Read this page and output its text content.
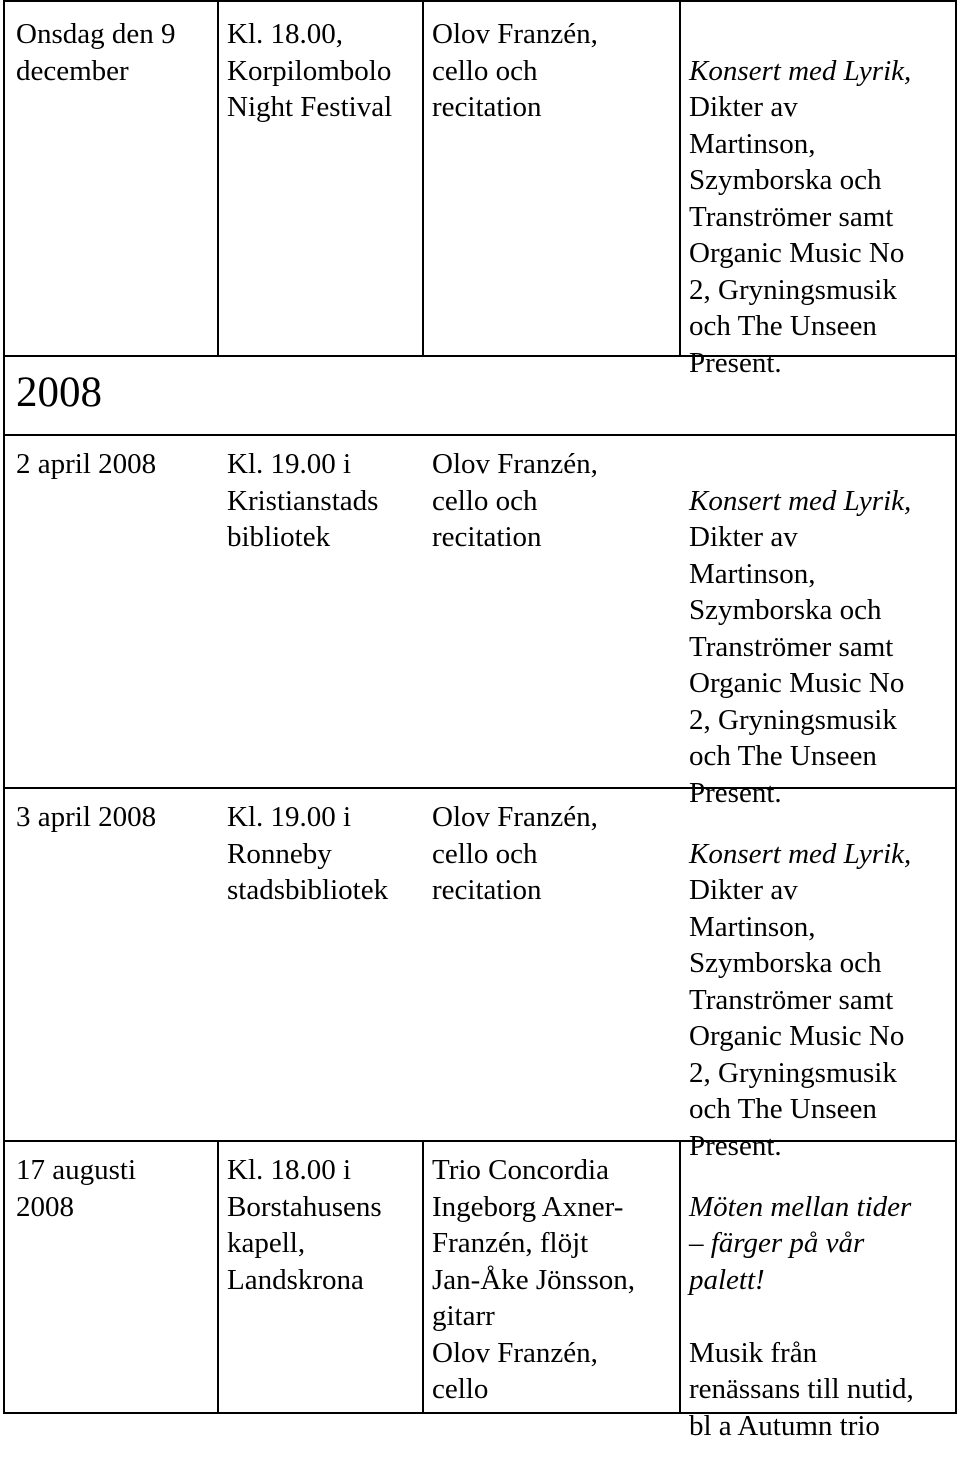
Onsdag den 9
december

Kl. 18.00,
Korpilombolo
Night Festival

Olov Franzén,
cello och
recitation

Konsert med Lyrik,

Dikter av
Martinson,
Szymborska och
Tranströmer samt
Organic Music No
2, Gryningsmusik
och The Unseen
Present.

2008

2 april 2008	Kl. 19.00 i
Kristianstads
bibliotek

Olov Franzén,
cello och
recitation

Konsert med Lyrik,

Dikter av
Martinson,
Szymborska och
Tranströmer samt
Organic Music No
2, Gryningsmusik
och The Unseen
Present.

3 april 2008	Kl. 19.00 i
Ronneby
stadsbibliotek

Olov Franzén,
cello och
recitation

Konsert med Lyrik,

Dikter av
Martinson,
Szymborska och
Tranströmer samt
Organic Music No
2, Gryningsmusik
och The Unseen
Present.

17 augusti
2008

Kl. 18.00 i
Borstahusens
kapell,
Landskrona

Trio Concordia
Ingeborg Axner-
Franzén, flöjt
Jan-Åke Jönsson,
gitarr
Olov Franzén,
cello

Möten mellan tider
– färger på vår
palett!

Musik från
renässans till nutid,
bl a Autumn trio
